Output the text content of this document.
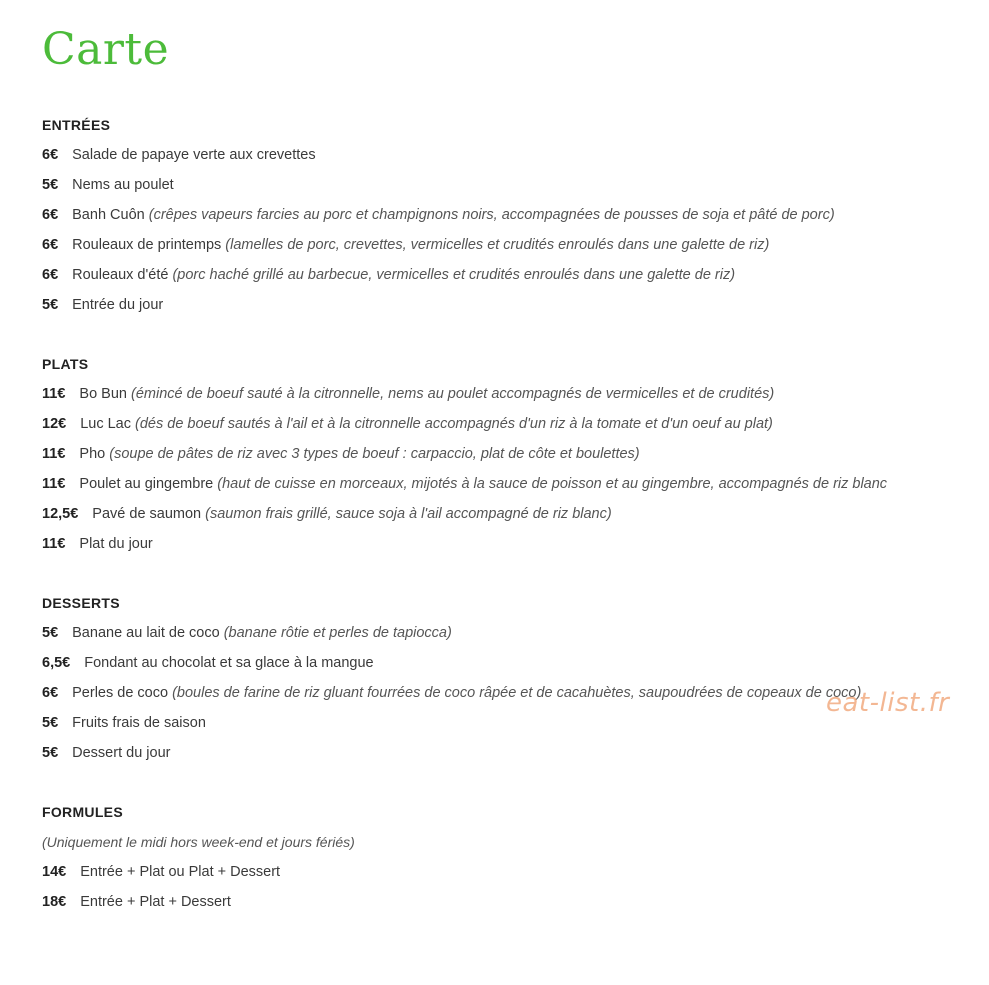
Carte
ENTRÉES
6€ Salade de papaye verte aux crevettes
5€ Nems au poulet
6€ Banh Cuôn (crêpes vapeurs farcies au porc et champignons noirs, accompagnées de pousses de soja et pâté de porc)
6€ Rouleaux de printemps (lamelles de porc, crevettes, vermicelles et crudités enroulés dans une galette de riz)
6€ Rouleaux d'été (porc haché grillé au barbecue, vermicelles et crudités enroulés dans une galette de riz)
5€ Entrée du jour
PLATS
11€ Bo Bun (émincé de boeuf sauté à la citronnelle, nems au poulet accompagnés de vermicelles et de crudités)
12€ Luc Lac (dés de boeuf sautés à l'ail et à la citronnelle accompagnés d'un riz à la tomate et d'un oeuf au plat)
11€ Pho (soupe de pâtes de riz avec 3 types de boeuf : carpaccio, plat de côte et boulettes)
11€ Poulet au gingembre (haut de cuisse en morceaux, mijotés à la sauce de poisson et au gingembre, accompagnés de riz blanc
12,5€ Pavé de saumon (saumon frais grillé, sauce soja à l'ail accompagné de riz blanc)
11€ Plat du jour
DESSERTS
5€ Banane au lait de coco (banane rôtie et perles de tapiocca)
6,5€ Fondant au chocolat et sa glace à la mangue
6€ Perles de coco (boules de farine de riz gluant fourrées de coco râpée et de cacahuètes, saupoudrées de copeaux de coco)
5€ Fruits frais de saison
5€ Dessert du jour
FORMULES
(Uniquement le midi hors week-end et jours fériés)
14€ Entrée + Plat ou Plat + Dessert
18€ Entrée + Plat + Dessert
eat-list.fr
